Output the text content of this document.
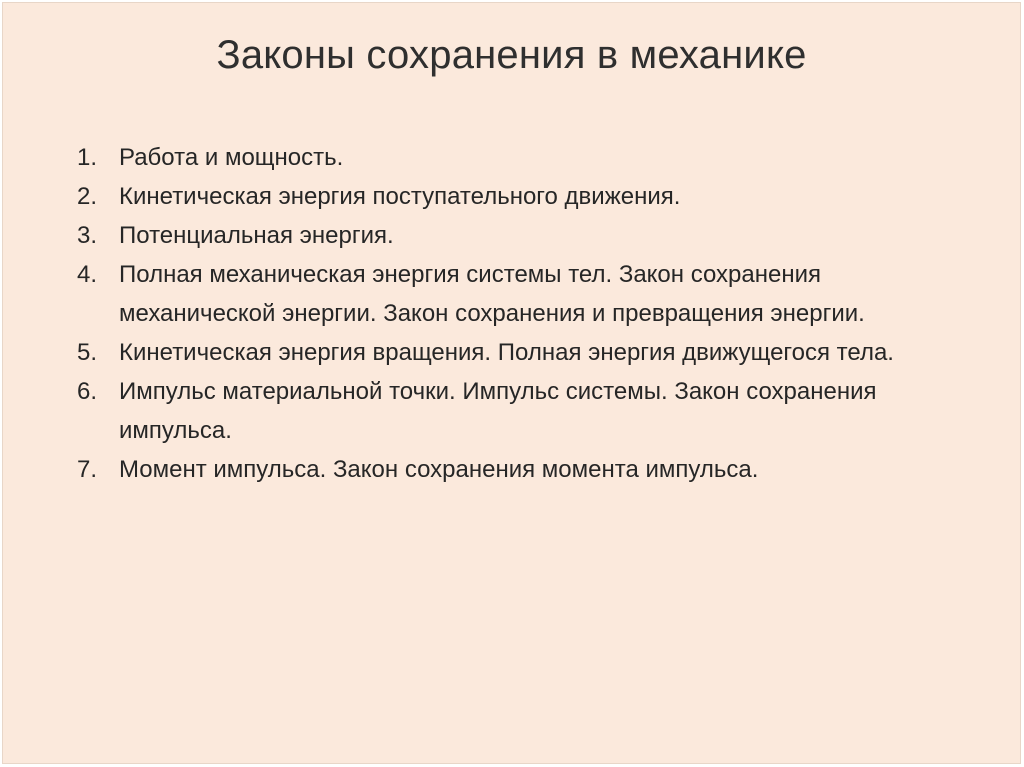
Законы сохранения в механике
1. Работа и мощность.
2. Кинетическая энергия поступательного движения.
3. Потенциальная энергия.
4. Полная механическая энергия системы тел. Закон сохранения механической энергии. Закон сохранения и превращения энергии.
5. Кинетическая энергия вращения. Полная энергия движущегося тела.
6. Импульс материальной точки. Импульс системы. Закон сохранения импульса.
7. Момент импульса. Закон сохранения момента импульса.
